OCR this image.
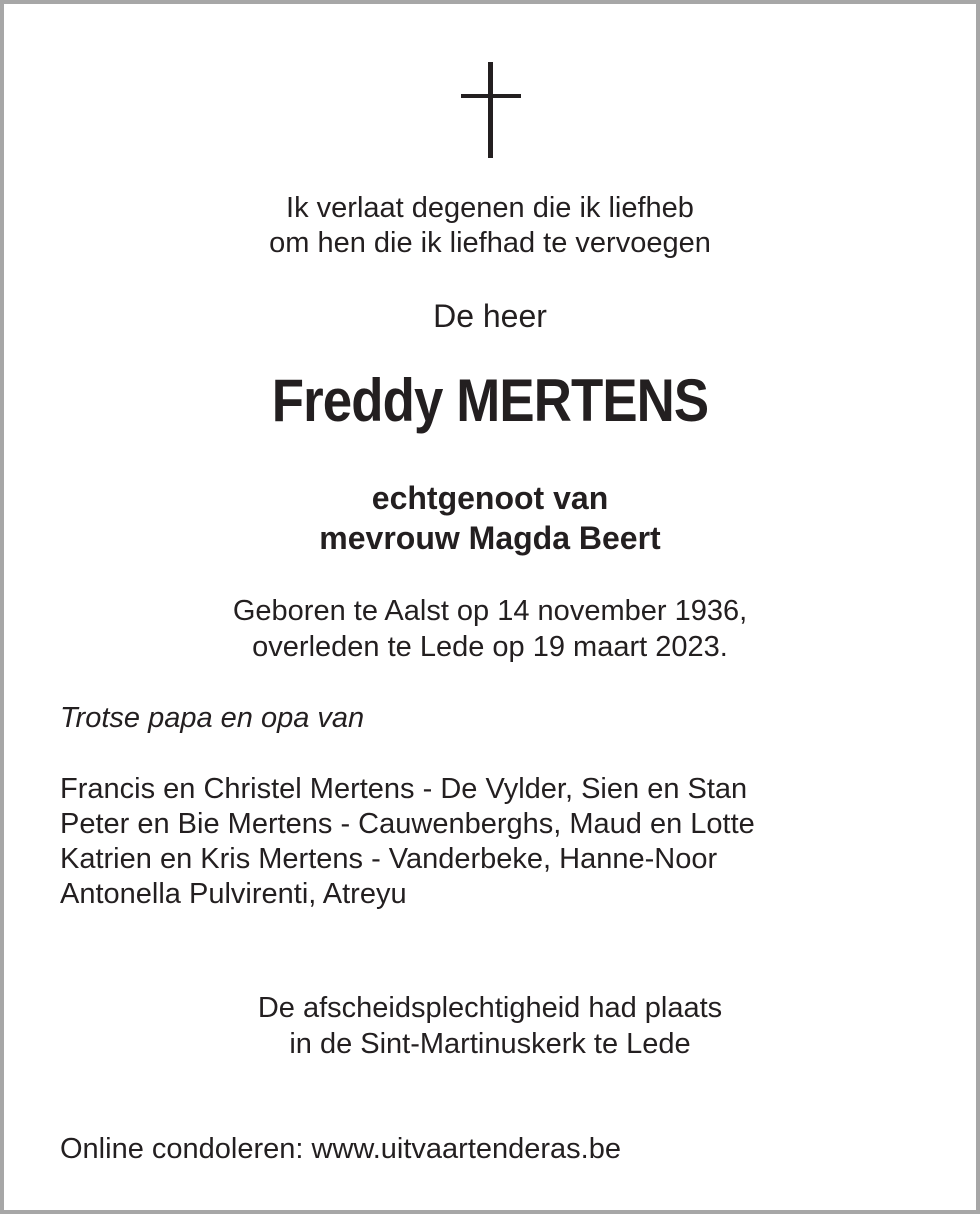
Ik verlaat degenen die ik liefheb
om hen die ik liefhad te vervoegen

De heer

Freddy MERTENS

echtgenoot van
mevrouw Magda Beert
Geboren te Aalst op 14 november 1936,
overleden te Lede op 19 maart 2023.

Trotse papa en opa van

Francis en Christel Mertens - De Vylder, Sien en Stan
Peter en Bie Mertens - Cauwenberghs, Maud en Lotte
Katrien en Kris Mertens - Vanderbeke, Hanne-Noor
Antonella Pulvirenti, Atreyu
De afscheidsplechtigheid had plaats
in de Sint-Martinuskerk te Lede

Online condoleren: www.uitvaartenderas.be
